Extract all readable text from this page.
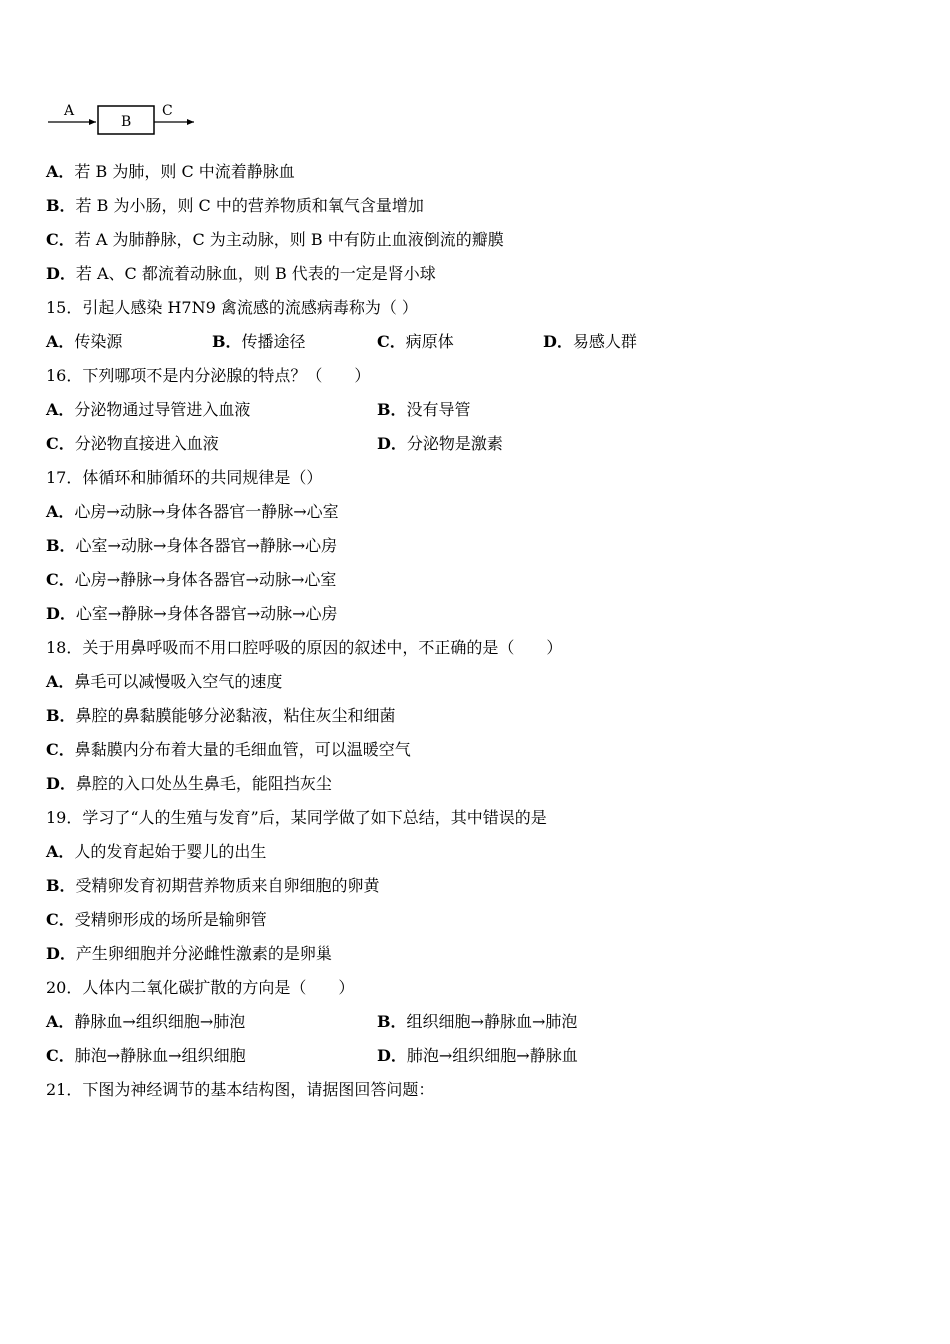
A
B
C
A．若 B 为肺，则 C 中流着静脉血
B．若 B 为小肠，则 C 中的营养物质和氧气含量增加
C．若 A 为肺静脉，C 为主动脉，则 B 中有防止血液倒流的瓣膜
D．若 A、C 都流着动脉血，则 B 代表的一定是肾小球
15．引起人感染 H7N9 禽流感的流感病毒称为（ ）
A．传染源	B．传播途径	C．病原体	D．易感人群
16．下列哪项不是内分泌腺的特点？（　　）
A．分泌物通过导管进入血液	B．没有导管
C．分泌物直接进入血液	D．分泌物是激素
17．体循环和肺循环的共同规律是（）
A．心房→动脉→身体各器官一静脉→心室
B．心室→动脉→身体各器官→静脉→心房
C．心房→静脉→身体各器官→动脉→心室
D．心室→静脉→身体各器官→动脉→心房
18．关于用鼻呼吸而不用口腔呼吸的原因的叙述中，不正确的是（　　）
A．鼻毛可以减慢吸入空气的速度
B．鼻腔的鼻黏膜能够分泌黏液，粘住灰尘和细菌
C．鼻黏膜内分布着大量的毛细血管，可以温暖空气
D．鼻腔的入口处丛生鼻毛，能阻挡灰尘
19．学习了“人的生殖与发育”后，某同学做了如下总结，其中错误的是
A．人的发育起始于婴儿的出生
B．受精卵发育初期营养物质来自卵细胞的卵黄
C．受精卵形成的场所是输卵管
D．产生卵细胞并分泌雌性激素的是卵巢
20．人体内二氧化碳扩散的方向是（　　）
A．静脉血→组织细胞→肺泡	B．组织细胞→静脉血→肺泡
C．肺泡→静脉血→组织细胞	D．肺泡→组织细胞→静脉血
21．下图为神经调节的基本结构图，请据图回答问题：
